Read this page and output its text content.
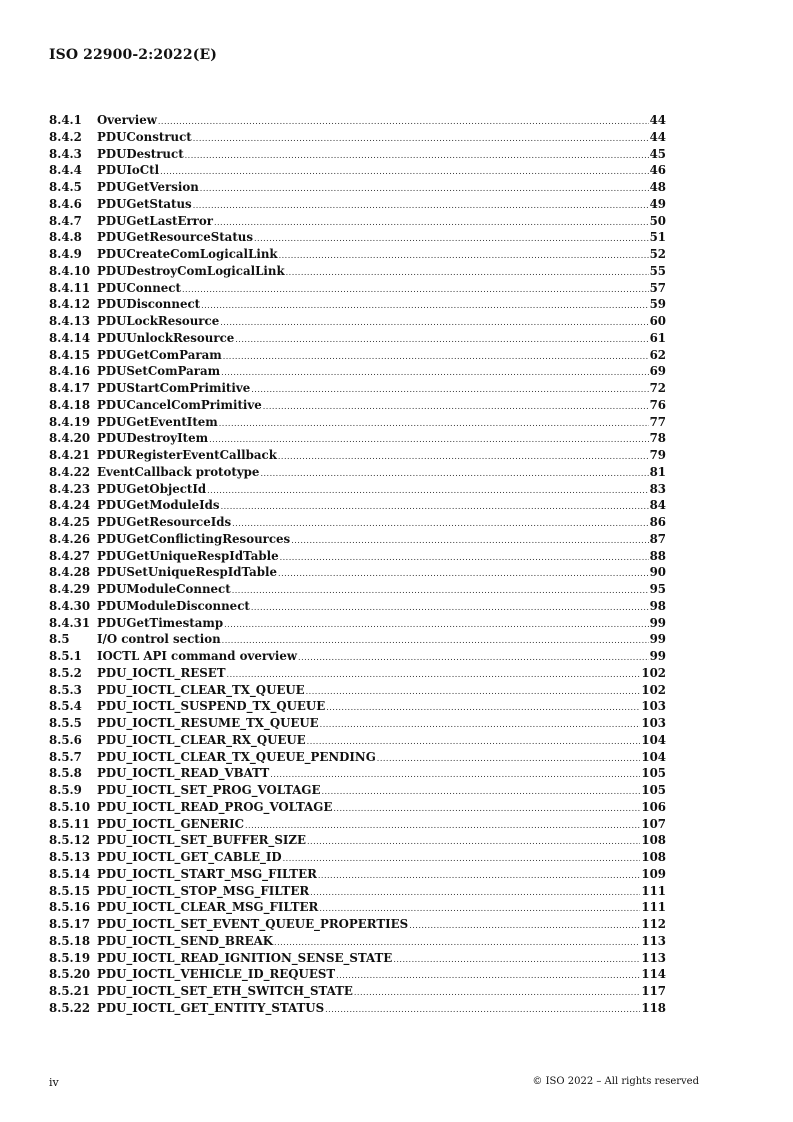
ISO 22900-2:2022(E)
8.4.1	Overview .....	44
8.4.2	PDUConstruct .....	44
8.4.3	PDUDestruct .....	45
8.4.4	PDUIoCtl .....	46
8.4.5	PDUGetVersion .....	48
8.4.6	PDUGetStatus .....	49
8.4.7	PDUGetLastError .....	50
8.4.8	PDUGetResourceStatus .....	51
8.4.9	PDUCreateComLogicalLink .....	52
8.4.10 PDUDestroyComLogicalLink .....	55
8.4.11 PDUConnect .....	57
8.4.12 PDUDisconnect .....	59
8.4.13 PDULockResource .....	60
8.4.14 PDUUnlockResource .....	61
8.4.15 PDUGetComParam .....	62
8.4.16 PDUSetComParam .....	69
8.4.17 PDUStartComPrimitive .....	72
8.4.18 PDUCancelComPrimitive .....	76
8.4.19 PDUGetEventItem .....	77
8.4.20 PDUDestroyItem .....	78
8.4.21 PDURegisterEventCallback .....	79
8.4.22 EventCallback prototype .....	81
8.4.23 PDUGetObjectId .....	83
8.4.24 PDUGetModuleIds .....	84
8.4.25 PDUGetResourceIds .....	86
8.4.26 PDUGetConflictingResources .....	87
8.4.27 PDUGetUniqueRespIdTable .....	88
8.4.28 PDUSetUniqueRespIdTable .....	90
8.4.29 PDUModuleConnect .....	95
8.4.30 PDUModuleDisconnect .....	98
8.4.31 PDUGetTimestamp .....	99
8.5	I/O control section .....	99
8.5.1	IOCTL API command overview .....	99
8.5.2	PDU_IOCTL_RESET .....	102
8.5.3	PDU_IOCTL_CLEAR_TX_QUEUE .....	102
8.5.4	PDU_IOCTL_SUSPEND_TX_QUEUE .....	103
8.5.5	PDU_IOCTL_RESUME_TX_QUEUE .....	103
8.5.6	PDU_IOCTL_CLEAR_RX_QUEUE .....	104
8.5.7	PDU_IOCTL_CLEAR_TX_QUEUE_PENDING .....	104
8.5.8	PDU_IOCTL_READ_VBATT .....	105
8.5.9	PDU_IOCTL_SET_PROG_VOLTAGE .....	105
8.5.10 PDU_IOCTL_READ_PROG_VOLTAGE .....	106
8.5.11 PDU_IOCTL_GENERIC .....	107
8.5.12 PDU_IOCTL_SET_BUFFER_SIZE .....	108
8.5.13 PDU_IOCTL_GET_CABLE_ID .....	108
8.5.14 PDU_IOCTL_START_MSG_FILTER .....	109
8.5.15 PDU_IOCTL_STOP_MSG_FILTER .....	111
8.5.16 PDU_IOCTL_CLEAR_MSG_FILTER .....	111
8.5.17 PDU_IOCTL_SET_EVENT_QUEUE_PROPERTIES .....	112
8.5.18 PDU_IOCTL_SEND_BREAK .....	113
8.5.19 PDU_IOCTL_READ_IGNITION_SENSE_STATE .....	113
8.5.20 PDU_IOCTL_VEHICLE_ID_REQUEST .....	114
8.5.21 PDU_IOCTL_SET_ETH_SWITCH_STATE .....	117
8.5.22 PDU_IOCTL_GET_ENTITY_STATUS .....	118
iv	© ISO 2022 – All rights reserved
